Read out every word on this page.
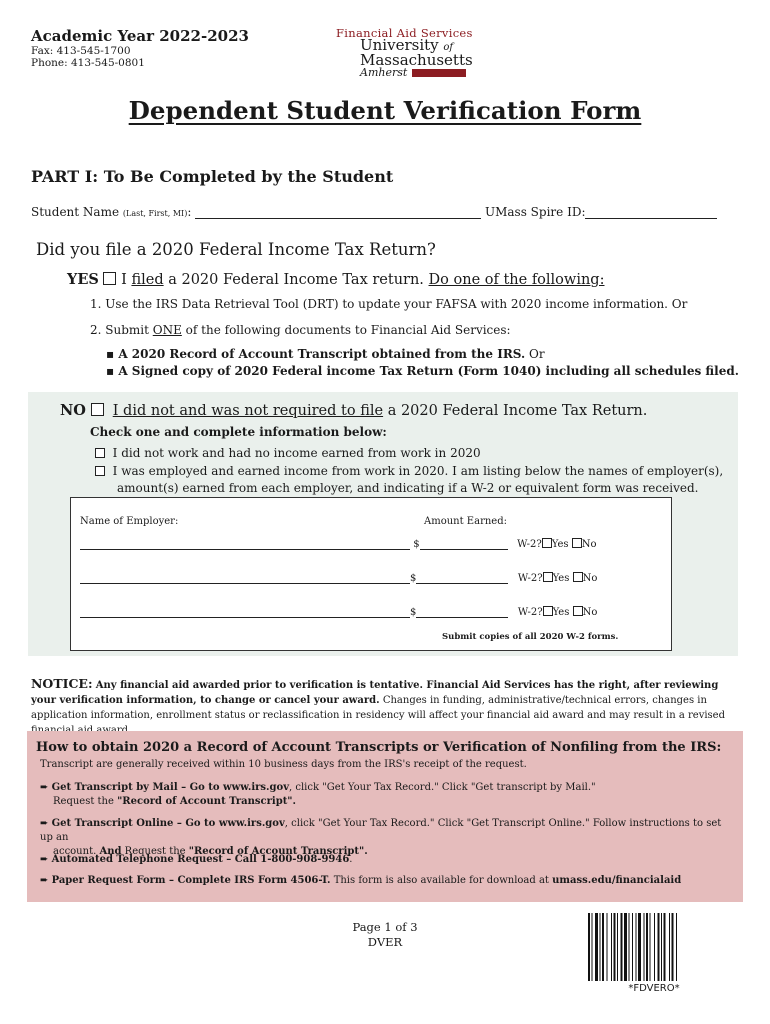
Academic Year 2022-2023
Fax: 413-545-1700
Phone: 413-545-0801
Financial Aid Services
University of
Massachusetts
Amherst
Dependent Student Verification Form
PART I: To Be Completed by the Student
Student Name (Last, First, MI):	UMass Spire ID:
Did you file a 2020 Federal Income Tax Return?
YES I filed a 2020 Federal Income Tax return. Do one of the following:
1. Use the IRS Data Retrieval Tool (DRT) to update your FAFSA with 2020 income information. Or
2. Submit ONE of the following documents to Financial Aid Services:
▪ A 2020 Record of Account Transcript obtained from the IRS. Or
▪ A Signed copy of 2020 Federal income Tax Return (Form 1040) including all schedules filed.
NO I did not and was not required to file a 2020 Federal Income Tax Return.
Check one and complete information below:
I did not work and had no income earned from work in 2020
I was employed and earned income from work in 2020. I am listing below the names of employer(s),
amount(s) earned from each employer, and indicating if a W-2 or equivalent form was received.
Name of Employer:	Amount Earned:
$	W-2? Yes No
$	W-2? Yes No
$	W-2? Yes No
Submit copies of all 2020 W-2 forms.
NOTICE: Any financial aid awarded prior to verification is tentative. Financial Aid Services has the right, after reviewing your verification information, to change or cancel your award. Changes in funding, administrative/technical errors, changes in application information, enrollment status or reclassification in residency will affect your financial aid award and may result in a revised
How to obtain 2020 a Record of Account Transcripts or Verification of Nonfiling from the IRS:
Transcript are generally received within 10 business days from the IRS's receipt of the request.
➨ Get Transcript by Mail – Go to www.irs.gov, click "Get Your Tax Record." Click "Get transcript by Mail."
Request the "Record of Account Transcript".
➨ Get Transcript Online – Go to www.irs.gov, click "Get Your Tax Record." Click "Get Transcript Online." Follow instructions to set up an
account. And Request the "Record of Account Transcript".
➨ Automated Telephone Request – Call 1-800-908-9946.
➨ Paper Request Form – Complete IRS Form 4506-T. This form is also available for download at umass.edu/financialaid
Page 1 of 3
DVER
*FDVERO*
